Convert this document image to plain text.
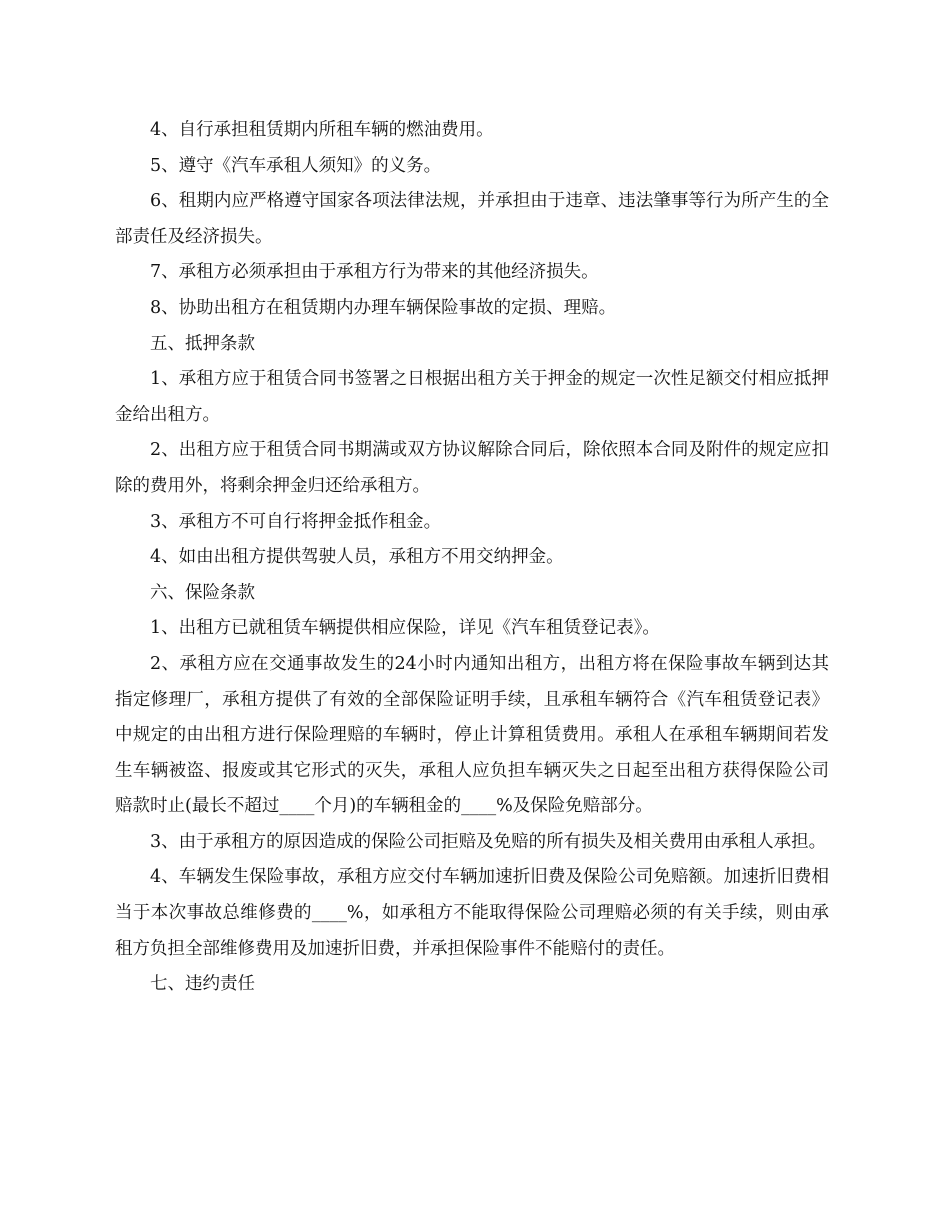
4、自行承担租赁期内所租车辆的燃油费用。

5、遵守《汽车承租人须知》的义务。

6、租期内应严格遵守国家各项法律法规，并承担由于违章、违法肇事等行为所产生的全部责任及经济损失。

7、承租方必须承担由于承租方行为带来的其他经济损失。

8、协助出租方在租赁期内办理车辆保险事故的定损、理赔。

五、抵押条款

1、承租方应于租赁合同书签署之日根据出租方关于押金的规定一次性足额交付相应抵押金给出租方。

2、出租方应于租赁合同书期满或双方协议解除合同后，除依照本合同及附件的规定应扣除的费用外，将剩余押金归还给承租方。

3、承租方不可自行将押金抵作租金。

4、如由出租方提供驾驶人员，承租方不用交纳押金。

六、保险条款

1、出租方已就租赁车辆提供相应保险，详见《汽车租赁登记表》。

2、承租方应在交通事故发生的24小时内通知出租方，出租方将在保险事故车辆到达其指定修理厂，承租方提供了有效的全部保险证明手续，且承租车辆符合《汽车租赁登记表》中规定的由出租方进行保险理赔的车辆时，停止计算租赁费用。承租人在承租车辆期间若发生车辆被盗、报废或其它形式的灭失，承租人应负担车辆灭失之日起至出租方获得保险公司赔款时止(最长不超过____个月)的车辆租金的____%及保险免赔部分。

3、由于承租方的原因造成的保险公司拒赔及免赔的所有损失及相关费用由承租人承担。

4、车辆发生保险事故，承租方应交付车辆加速折旧费及保险公司免赔额。加速折旧费相当于本次事故总维修费的____%，如承租方不能取得保险公司理赔必须的有关手续，则由承租方负担全部维修费用及加速折旧费，并承担保险事件不能赔付的责任。

七、违约责任
